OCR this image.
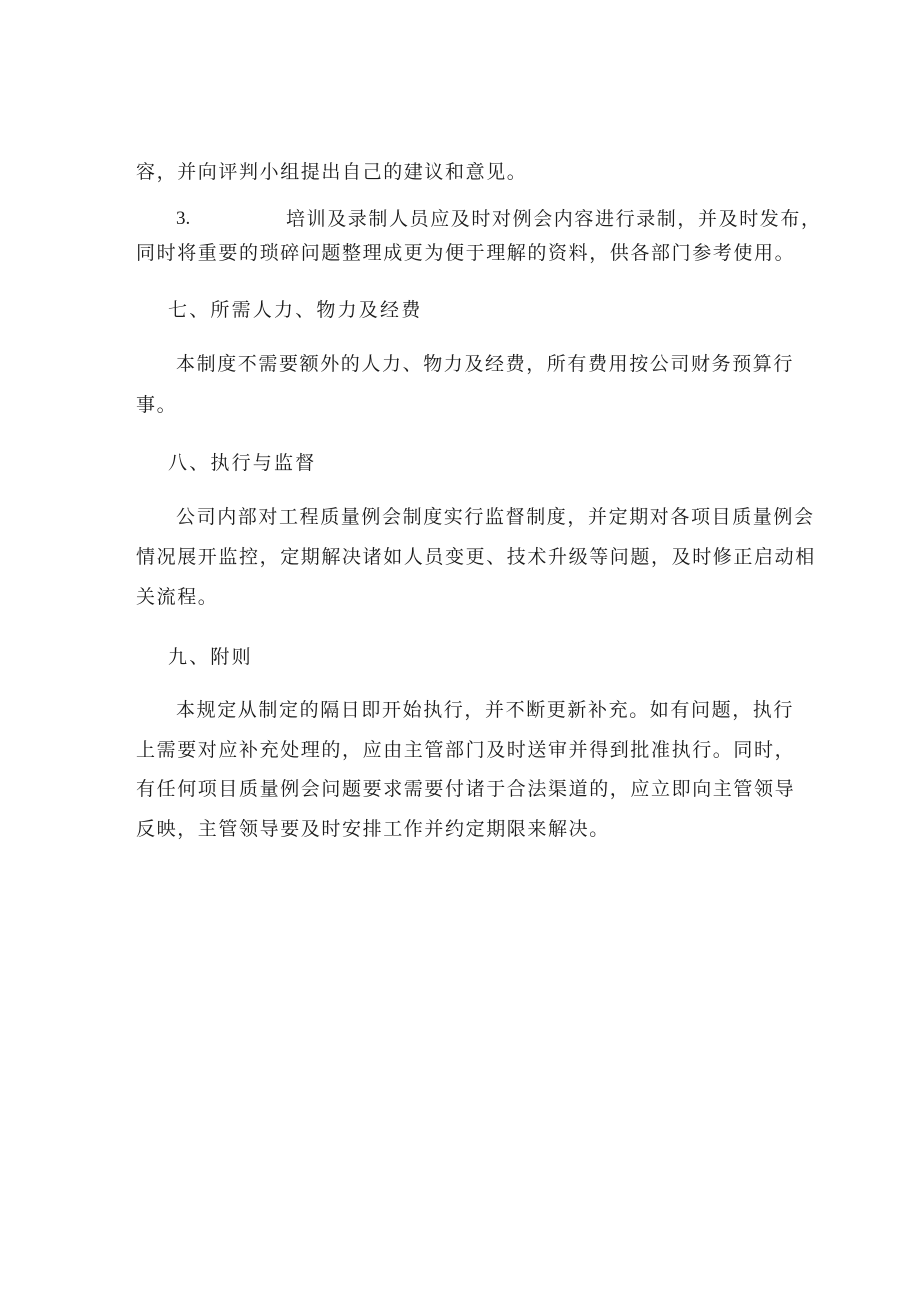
容，并向评判小组提出自己的建议和意见。
3.	培训及录制人员应及时对例会内容进行录制，并及时发布，
同时将重要的琐碎问题整理成更为便于理解的资料，供各部门参考使用。
七、所需人力、物力及经费
本制度不需要额外的人力、物力及经费，所有费用按公司财务预算行
事。
八、执行与监督
公司内部对工程质量例会制度实行监督制度，并定期对各项目质量例会
情况展开监控，定期解决诸如人员变更、技术升级等问题，及时修正启动相
关流程。
九、附则
本规定从制定的隔日即开始执行，并不断更新补充。如有问题，执行
上需要对应补充处理的，应由主管部门及时送审并得到批准执行。同时，
有任何项目质量例会问题要求需要付诸于合法渠道的，应立即向主管领导
反映，主管领导要及时安排工作并约定期限来解决。
